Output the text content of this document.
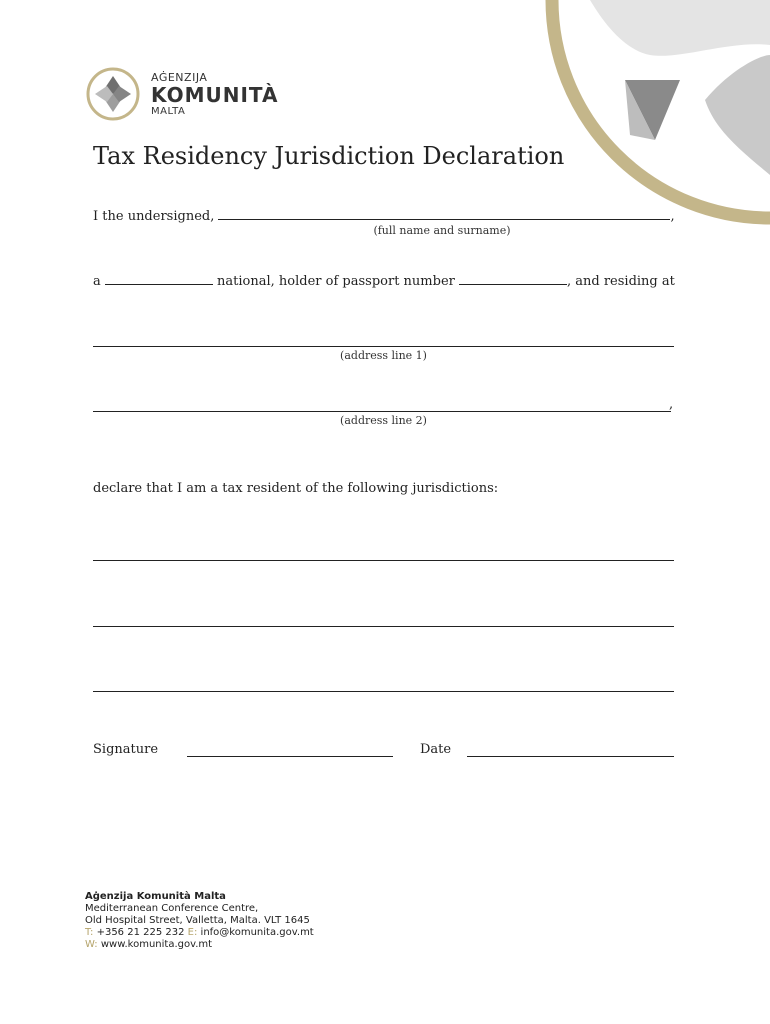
AĠENZIJA
KOMUNITÀ
MALTA
Tax Residency Jurisdiction Declaration
I the undersigned,	,
(full name and surname)
a	national, holder of passport number	, and residing at
(address line 1)
,
(address line 2)
declare that I am a tax resident of the following jurisdictions:
Signature	Date
Aġenzija Komunità Malta
Mediterranean Conference Centre,
Old Hospital Street, Valletta, Malta. VLT 1645
T: +356 21 225 232 E: info@komunita.gov.mt
W: www.komunita.gov.mt
